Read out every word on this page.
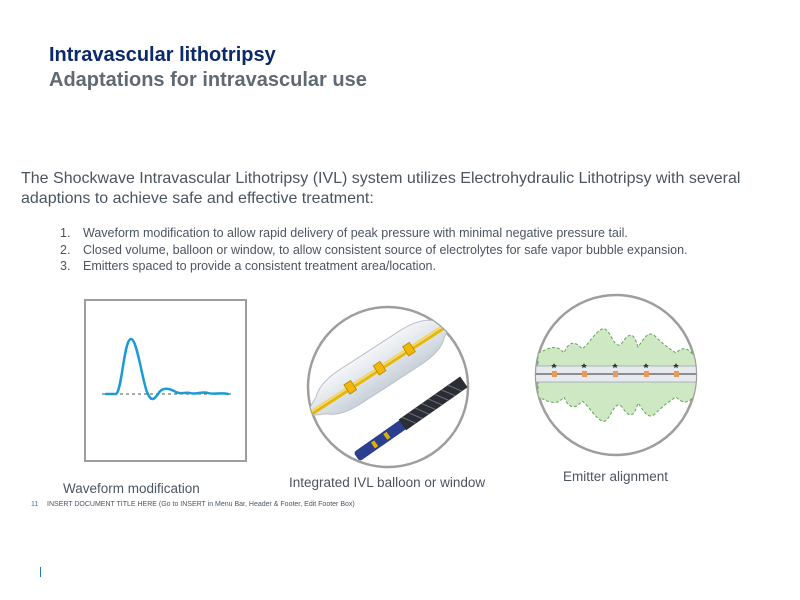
Intravascular lithotripsy
Adaptations for intravascular use
The Shockwave Intravascular Lithotripsy (IVL) system utilizes Electrohydraulic Lithotripsy with several adaptions to achieve safe and effective treatment:
1.	Waveform modification to allow rapid delivery of peak pressure with minimal negative pressure tail.
2.	Closed volume, balloon or window, to allow consistent source of electrolytes for safe vapor bubble expansion.
3.	Emitters spaced to provide a consistent treatment area/location.
Waveform modification	Integrated IVL balloon or window	Emitter alignment
11 INSERT DOCUMENT TITLE HERE (Go to INSERT in Menu Bar, Header & Footer, Edit Footer Box)
